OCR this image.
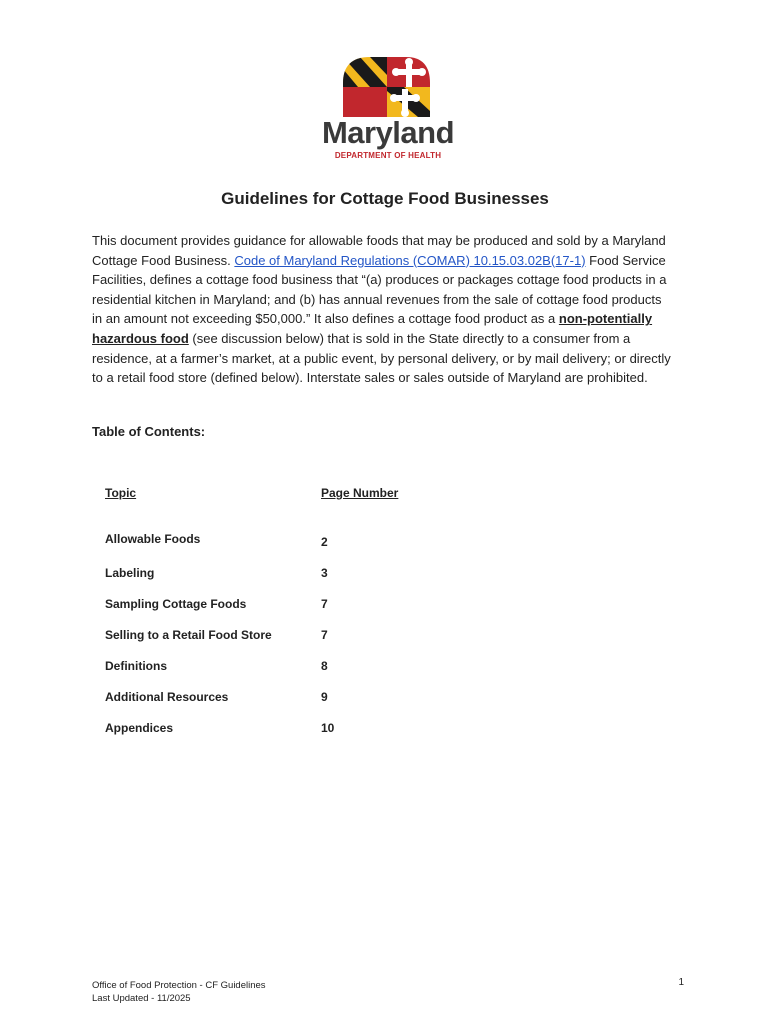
Maryland
DEPARTMENT OF HEALTH
Guidelines for Cottage Food Businesses
This document provides guidance for allowable foods that may be produced and sold by a Maryland Cottage Food Business. Code of Maryland Regulations (COMAR) 10.15.03.02B(17-1) Food Service Facilities, defines a cottage food business that “(a) produces or packages cottage food products in a residential kitchen in Maryland; and (b) has annual revenues from the sale of cottage food products in an amount not exceeding $50,000.” It also defines a cottage food product as a non-potentially hazardous food (see discussion below) that is sold in the State directly to a consumer from a residence, at a farmer’s market, at a public event, by personal delivery, or by mail delivery; or directly to a retail food store (defined below). Interstate sales or sales outside of Maryland are prohibited.
Table of Contents:
Topic	Page Number
Allowable Foods	2
Labeling	3
Sampling Cottage Foods	7
Selling to a Retail Food Store	7
Definitions	8
Additional Resources	9
Appendices	10
Office of Food Protection - CF Guidelines
Last Updated - 11/2025
1
